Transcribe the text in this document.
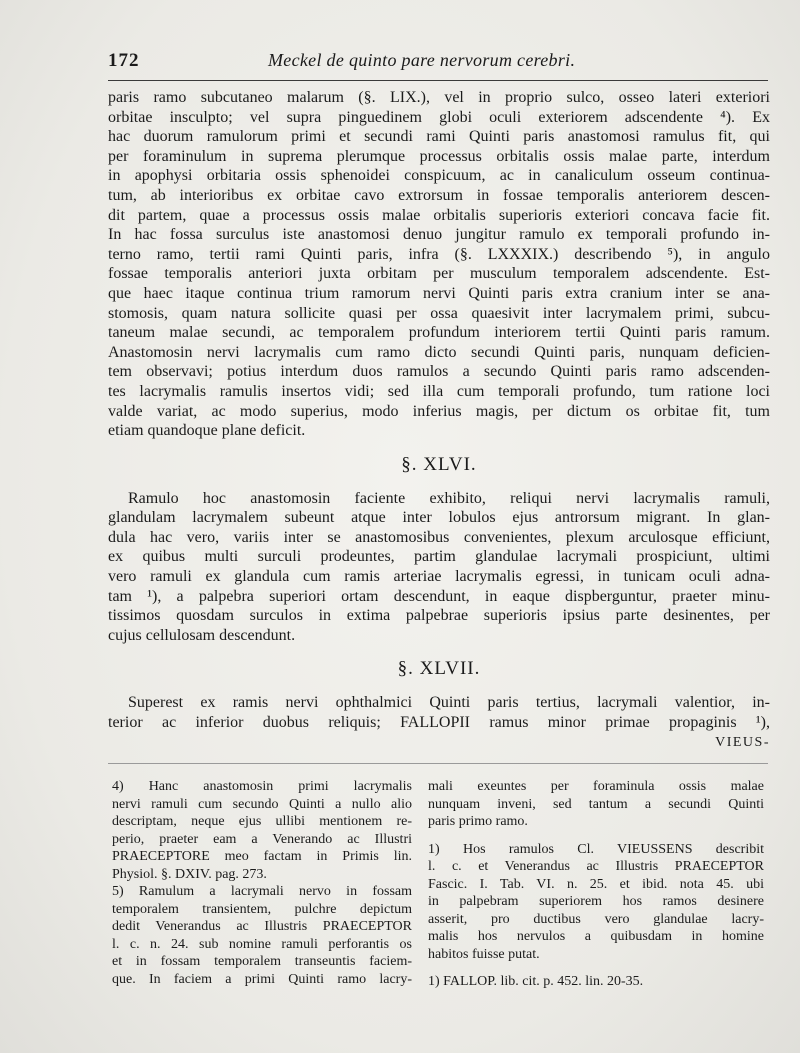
172	Meckel de quinto pare nervorum cerebri.
paris ramo subcutaneo malarum (§. LIX.), vel in proprio sulco, osseo lateri exteriori
orbitae insculpto; vel supra pinguedinem globi oculi exteriorem adscendente ⁴). Ex
hac duorum ramulorum primi et secundi rami Quinti paris anastomosi ramulus fit, qui
per foraminulum in suprema plerumque processus orbitalis ossis malae parte, interdum
in apophysi orbitaria ossis sphenoidei conspicuum, ac in canaliculum osseum continua-
tum, ab interioribus ex orbitae cavo extrorsum in fossae temporalis anteriorem descen-
dit partem, quae a processus ossis malae orbitalis superioris exteriori concava facie fit.
In hac fossa surculus iste anastomosi denuo jungitur ramulo ex temporali profundo in-
terno ramo, tertii rami Quinti paris, infra (§. LXXXIX.) describendo ⁵), in angulo
fossae temporalis anteriori juxta orbitam per musculum temporalem adscendente. Est-
que haec itaque continua trium ramorum nervi Quinti paris extra cranium inter se ana-
stomosis, quam natura sollicite quasi per ossa quaesivit inter lacrymalem primi, subcu-
taneum malae secundi, ac temporalem profundum interiorem tertii Quinti paris ramum.
Anastomosin nervi lacrymalis cum ramo dicto secundi Quinti paris, nunquam deficien-
tem observavi; potius interdum duos ramulos a secundo Quinti paris ramo adscenden-
tes lacrymalis ramulis insertos vidi; sed illa cum temporali profundo, tum ratione loci
valde variat, ac modo superius, modo inferius magis, per dictum os orbitae fit, tum
etiam quandoque plane deficit.
§. XLVI.
Ramulo hoc anastomosin faciente exhibito, reliqui nervi lacrymalis ramuli,
glandulam lacrymalem subeunt atque inter lobulos ejus antrorsum migrant. In glan-
dula hac vero, variis inter se anastomosibus convenientes, plexum arculosque efficiunt,
ex quibus multi surculi prodeuntes, partim glandulae lacrymali prospiciunt, ultimi
vero ramuli ex glandula cum ramis arteriae lacrymalis egressi, in tunicam oculi adna-
tam ¹), a palpebra superiori ortam descendunt, in eaque dispberguntur, praeter minu-
tissimos quosdam surculos in extima palpebrae superioris ipsius parte desinentes, per
cujus cellulosam descendunt.
§. XLVII.
Superest ex ramis nervi ophthalmici Quinti paris tertius, lacrymali valentior, in-
terior ac inferior duobus reliquis; FALLOPII ramus minor primae propaginis ¹),
VIEUS-
4) Hanc anastomosin primi lacrymalis
nervi ramuli cum secundo Quinti a nullo alio
descriptam, neque ejus ullibi mentionem re-
perio, praeter eam a Venerando ac Illustri
PRAECEPTORE meo factam in Primis lin.
Physiol. §. DXIV. pag. 273.
5) Ramulum a lacrymali nervo in fossam
temporalem transientem, pulchre depictum
dedit Venerandus ac Illustris PRAECEPTOR
l. c. n. 24. sub nomine ramuli perforantis os
et in fossam temporalem transeuntis faciem-
que. In faciem a primi Quinti ramo lacry-
mali exeuntes per foraminula ossis malae
nunquam inveni, sed tantum a secundi Quinti
paris primo ramo.
1) Hos ramulos Cl. VIEUSSENS describit
l. c. et Venerandus ac Illustris PRAECEPTOR
Fascic. I. Tab. VI. n. 25. et ibid. nota 45. ubi
in palpebram superiorem hos ramos desinere
asserit, pro ductibus vero glandulae lacry-
malis hos nervulos a quibusdam in homine
habitos fuisse putat.
1) FALLOP. lib. cit. p. 452. lin. 20-35.
